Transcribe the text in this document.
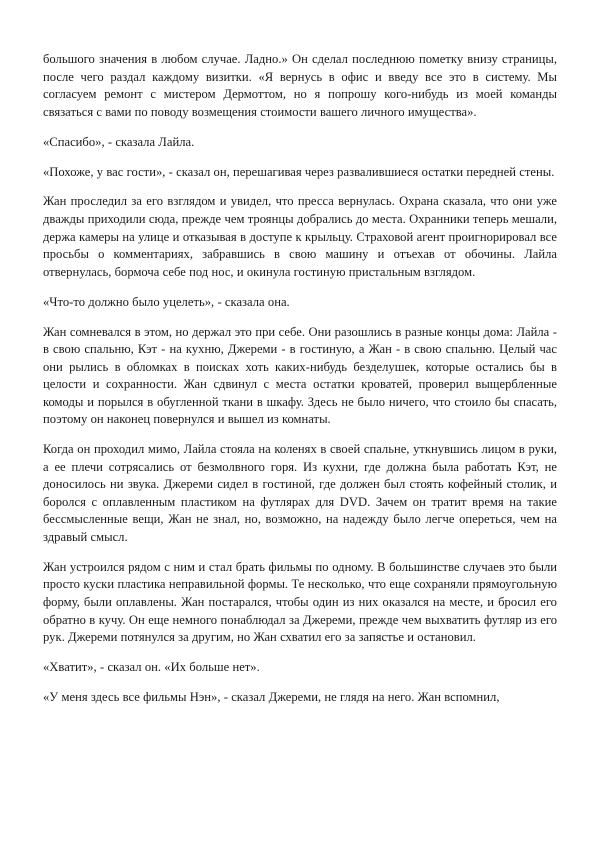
большого значения в любом случае. Ладно.» Он сделал последнюю пометку внизу страницы, после чего раздал каждому визитки. «Я вернусь в офис и введу все это в систему. Мы согласуем ремонт с мистером Дермоттом, но я попрошу кого-нибудь из моей команды связаться с вами по поводу возмещения стоимости вашего личного имущества».

«Спасибо», - сказала Лайла.

«Похоже, у вас гости», - сказал он, перешагивая через развалившиеся остатки передней стены.

Жан проследил за его взглядом и увидел, что пресса вернулась. Охрана сказала, что они уже дважды приходили сюда, прежде чем троянцы добрались до места. Охранники теперь мешали, держа камеры на улице и отказывая в доступе к крыльцу. Страховой агент проигнорировал все просьбы о комментариях, забравшись в свою машину и отъехав от обочины. Лайла отвернулась, бормоча себе под нос, и окинула гостиную пристальным взглядом.

«Что-то должно было уцелеть», - сказала она.

Жан сомневался в этом, но держал это при себе. Они разошлись в разные концы дома: Лайла - в свою спальню, Кэт - на кухню, Джереми - в гостиную, а Жан - в свою спальню. Целый час они рылись в обломках в поисках хоть каких-нибудь безделушек, которые остались бы в целости и сохранности. Жан сдвинул с места остатки кроватей, проверил выщербленные комоды и порылся в обугленной ткани в шкафу. Здесь не было ничего, что стоило бы спасать, поэтому он наконец повернулся и вышел из комнаты.

Когда он проходил мимо, Лайла стояла на коленях в своей спальне, уткнувшись лицом в руки, а ее плечи сотрясались от безмолвного горя. Из кухни, где должна была работать Кэт, не доносилось ни звука. Джереми сидел в гостиной, где должен был стоять кофейный столик, и боролся с оплавленным пластиком на футлярах для DVD. Зачем он тратит время на такие бессмысленные вещи, Жан не знал, но, возможно, на надежду было легче опереться, чем на здравый смысл.

Жан устроился рядом с ним и стал брать фильмы по одному. В большинстве случаев это были просто куски пластика неправильной формы. Те несколько, что еще сохраняли прямоугольную форму, были оплавлены. Жан постарался, чтобы один из них оказался на месте, и бросил его обратно в кучу. Он еще немного понаблюдал за Джереми, прежде чем выхватить футляр из его рук. Джереми потянулся за другим, но Жан схватил его за запястье и остановил.

«Хватит», - сказал он. «Их больше нет».

«У меня здесь все фильмы Нэн», - сказал Джереми, не глядя на него. Жан вспомнил,
